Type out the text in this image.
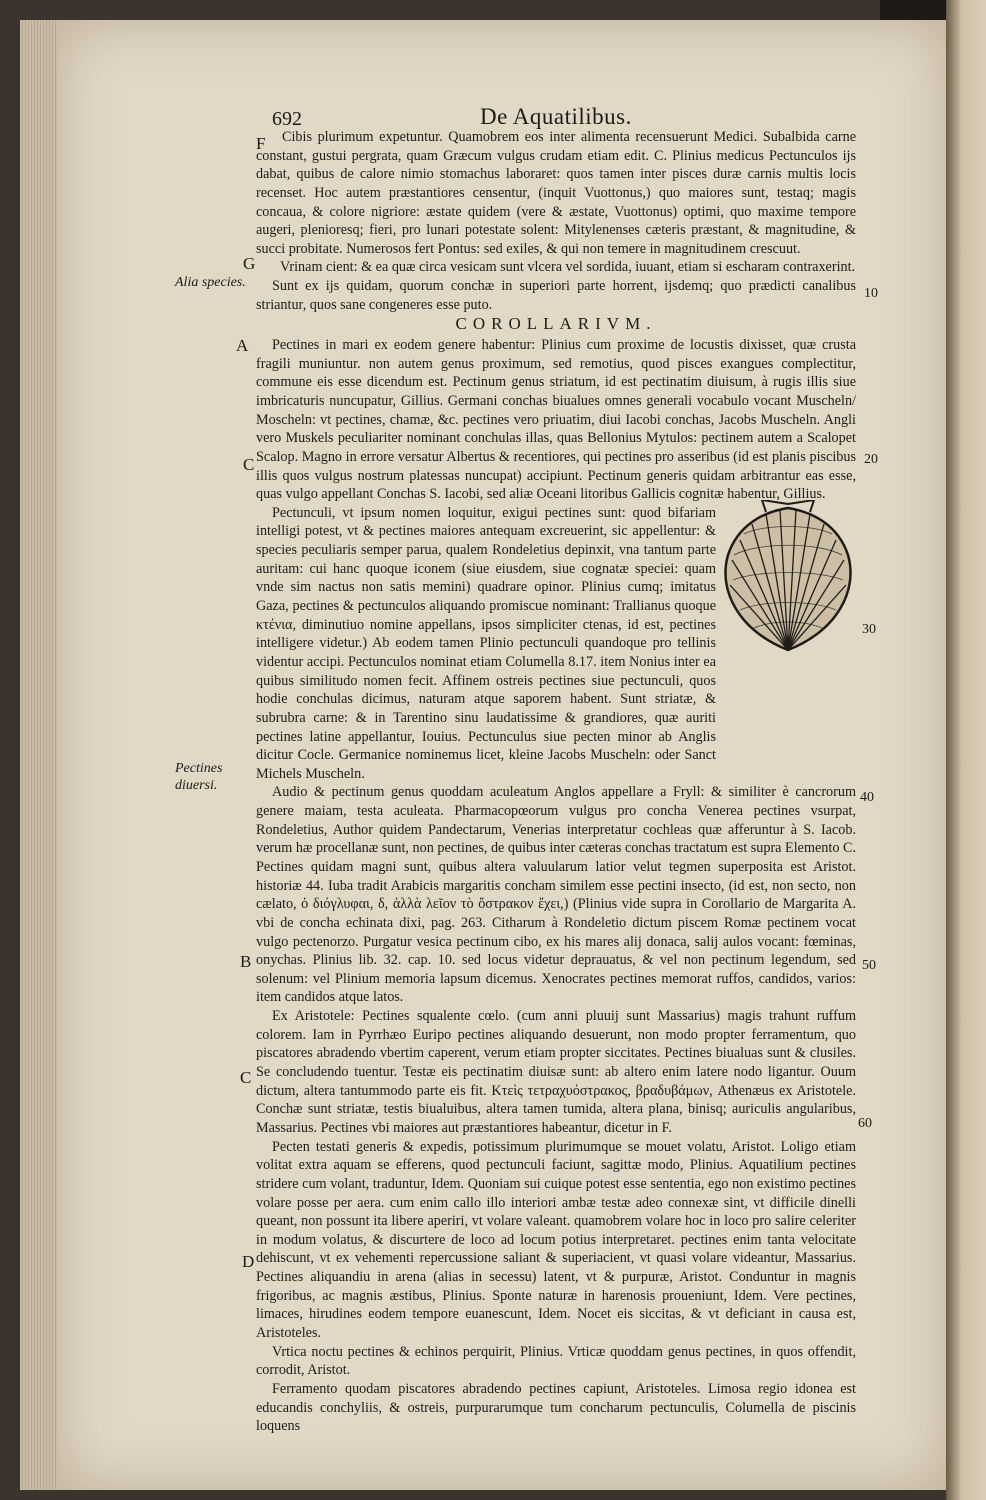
692	De Aquatilibus.
F
G
A
C
B
C
D
Alia species.
Pectines diuersi.
10
20
30
40
50
60

Cibis plurimum expetuntur. Quamobrem eos inter alimenta recensuerunt Medici. Subalbida carne constant, gustui pergrata, quam Græcum vulgus crudam etiam edit. C. Plinius medicus Pectunculos ijs dabat, quibus de calore nimio stomachus laboraret: quos tamen inter pisces duræ carnis multis locis recenset. Hoc autem præstantiores censentur, (inquit Vuottonus,) quo maiores sunt, testaq; magis concaua, & colore nigriore: æstate quidem (vere & æstate, Vuottonus) optimi, quo maxime tempore augeri, plenioresq; fieri, pro lunari potestate solent: Mitylenenses cæteris præstant, & magnitudine, & succi probitate. Numerosos fert Pontus: sed exiles, & qui non temere in magnitudinem crescuut.

Vrinam cient: & ea quæ circa vesicam sunt vlcera vel sordida, iuuant, etiam si escharam contraxerint.

Sunt ex ijs quidam, quorum conchæ in superiori parte horrent, ijsdemq; quo prædicti canalibus striantur, quos sane congeneres esse puto.

COROLLARIVM.

Pectines in mari ex eodem genere habentur: Plinius cum proxime de locustis dixisset, quæ crusta fragili muniuntur. non autem genus proximum, sed remotius, quod pisces exangues complectitur, commune eis esse dicendum est. Pectinum genus striatum, id est pectinatim diuisum, à rugis illis siue imbricaturis nuncupatur, Gillius. Germani conchas biualues omnes generali vocabulo vocant Muscheln/ Moscheln: vt pectines, chamæ, &c. pectines vero priuatim, diui Iacobi conchas, Jacobs Muscheln. Angli vero Muskels peculiariter nominant conchulas illas, quas Bellonius Mytulos: pectinem autem a Scalopet Scalop. Magno in errore versatur Albertus & recentiores, qui pectines pro asseribus (id est planis piscibus illis quos vulgus nostrum platessas nuncupat) accipiunt. Pectinum generis quidam arbitrantur eas esse, quas vulgo appellant Conchas S. Iacobi, sed aliæ Oceani litoribus Gallicis cognitæ habentur, Gillius.

Pectunculi, vt ipsum nomen loquitur, exigui pectines sunt: quod bifariam intelligi potest, vt & pectines maiores antequam excreuerint, sic appellentur: & species peculiaris semper parua, qualem Rondeletius depinxit, vna tantum parte auritam: cui hanc quoque iconem (siue eiusdem, siue cognatæ speciei: quam vnde sim nactus non satis memini) quadrare opinor. Plinius cumq; imitatus Gaza, pectines & pectunculos aliquando promiscue nominant: Trallianus quoque κτένια, diminutiuo nomine appellans, ipsos simpliciter ctenas, id est, pectines intelligere videtur.) Ab eodem tamen Plinio pectunculi quandoque pro tellinis videntur accipi. Pectunculos nominat etiam Columella 8.17. item Nonius inter ea quibus similitudo nomen fecit. Affinem ostreis pectines siue pectunculi, quos hodie conchulas dicimus, naturam atque saporem habent. Sunt striatæ, & subrubra carne: & in Tarentino sinu laudatissime & grandiores, quæ auriti pectines latine appellantur, Iouius. Pectunculus siue pecten minor ab Anglis dicitur Cocle. Germanice nominemus licet, kleine Jacobs Muscheln: oder Sanct Michels Muscheln.

Audio & pectinum genus quoddam aculeatum Anglos appellare a Fryll: & similiter è cancrorum genere maiam, testa aculeata. Pharmacopœorum vulgus pro concha Venerea pectines vsurpat, Rondeletius, Author quidem Pandectarum, Venerias interpretatur cochleas quæ afferuntur à S. Iacob. verum hæ procellanæ sunt, non pectines, de quibus inter cæteras conchas tractatum est supra Elemento C. Pectines quidam magni sunt, quibus altera valuularum latior velut tegmen superposita est Aristot. historiæ 44. Iuba tradit Arabicis margaritis concham similem esse pectini insecto, (id est, non secto, non cælato, ὁ διόγλυφαι, δ, ἀλλὰ λεῖον τὸ ὄστρακον ἔχει,) (Plinius vide supra in Corollario de Margarita A. vbi de concha echinata dixi, pag. 263. Citharum à Rondeletio dictum piscem Romæ pectinem vocat vulgo pectenorzo. Purgatur vesica pectinum cibo, ex his mares alij donaca, salij aulos vocant: fœminas, onychas. Plinius lib. 32. cap. 10. sed locus videtur deprauatus, & vel non pectinum legendum, sed solenum: vel Plinium memoria lapsum dicemus. Xenocrates pectines memorat ruffos, candidos, varios: item candidos atque latos.

Ex Aristotele: Pectines squalente cœlo. (cum anni pluuij sunt Massarius) magis trahunt ruffum colorem. Iam in Pyrrhæo Euripo pectines aliquando desuerunt, non modo propter ferramentum, quo piscatores abradendo vbertim caperent, verum etiam propter siccitates. Pectines biualuas sunt & clusiles. Se concludendo tuentur. Testæ eis pectinatim diuisæ sunt: ab altero enim latere nodo ligantur. Ouum dictum, altera tantummodo parte eis fit. Κτεὶς τετραχυόστρακος, βραδυβάμων, Athenæus ex Aristotele. Conchæ sunt striatæ, testis biualuibus, altera tamen tumida, altera plana, binisq; auriculis angularibus, Massarius. Pectines vbi maiores aut præstantiores habeantur, dicetur in F.

Pecten testati generis & expedis, potissimum plurimumque se mouet volatu, Aristot. Loligo etiam volitat extra aquam se efferens, quod pectunculi faciunt, sagittæ modo, Plinius. Aquatilium pectines stridere cum volant, traduntur, Idem. Quoniam sui cuique potest esse sententia, ego non existimo pectines volare posse per aera. cum enim callo illo interiori ambæ testæ adeo connexæ sint, vt difficile dinelli queant, non possunt ita libere aperiri, vt volare valeant. quamobrem volare hoc in loco pro salire celeriter in modum volatus, & discurtere de loco ad locum potius interpretaret. pectines enim tanta velocitate dehiscunt, vt ex vehementi repercussione saliant & superiacient, vt quasi volare videantur, Massarius. Pectines aliquandiu in arena (alias in secessu) latent, vt & purpuræ, Aristot. Conduntur in magnis frigoribus, ac magnis æstibus, Plinius. Sponte naturæ in harenosis proueniunt, Idem. Vere pectines, limaces, hirudines eodem tempore euanescunt, Idem. Nocet eis siccitas, & vt deficiant in causa est, Aristoteles.

Vrtica noctu pectines & echinos perquirit, Plinius. Vrticæ quoddam genus pectines, in quos offendit, corrodit, Aristot.

Ferramento quodam piscatores abradendo pectines capiunt, Aristoteles. Limosa regio idonea est educandis conchyliis, & ostreis, purpurarumque tum concharum pectunculis, Columella de piscinis loquens
